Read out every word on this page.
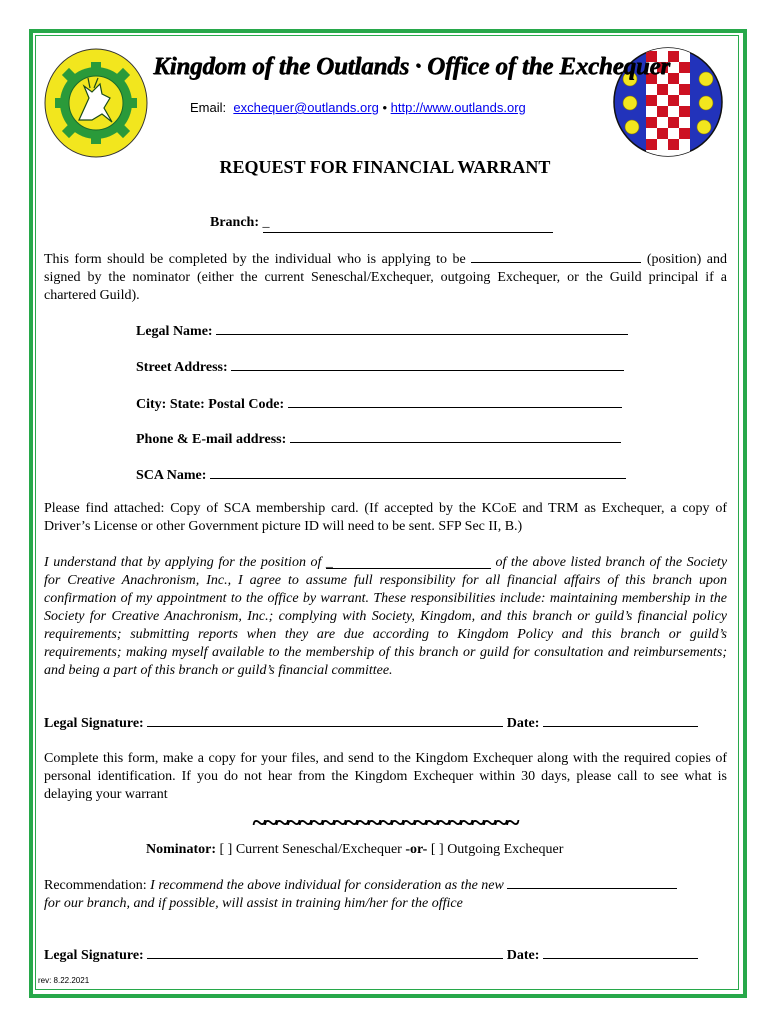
Kingdom of the Outlands · Office of the Exchequer
Email: exchequer@outlands.org • http://www.outlands.org
REQUEST FOR FINANCIAL WARRANT
Branch: _
This form should be completed by the individual who is applying to be	(position) and signed by the nominator (either the current Seneschal/Exchequer, outgoing Exchequer, or the Guild principal if a chartered Guild).
Legal Name:
Street Address:
City: State: Postal Code:
Phone & E-mail address:
SCA Name:
Please find attached: Copy of SCA membership card. (If accepted by the KCoE and TRM as Exchequer, a copy of Driver’s License or other Government picture ID will need to be sent. SFP Sec II, B.)
I understand that by applying for the position of _	of the above listed branch of the Society for Creative Anachronism, Inc., I agree to assume full responsibility for all financial affairs of this branch upon confirmation of my appointment to the office by warrant. These responsibilities include: maintaining membership in the Society for Creative Anachronism, Inc.; complying with Society, Kingdom, and this branch or guild’s financial policy requirements; submitting reports when they are due according to Kingdom Policy and this branch or guild’s requirements; making myself available to the membership of this branch or guild for consultation and reimbursements; and being a part of this branch or guild’s financial committee.
Legal Signature:	Date:
Complete this form, make a copy for your files, and send to the Kingdom Exchequer along with the required copies of personal identification. If you do not hear from the Kingdom Exchequer within 30 days, please call to see what is delaying your warrant
~~~~~~~~~~~~~~~~~~~~~~~
Nominator: [ ] Current Seneschal/Exchequer -or- [ ] Outgoing Exchequer
Recommendation: I recommend the above individual for consideration as the new
for our branch, and if possible, will assist in training him/her for the office
Legal Signature:	Date:
rev: 8.22.2021
